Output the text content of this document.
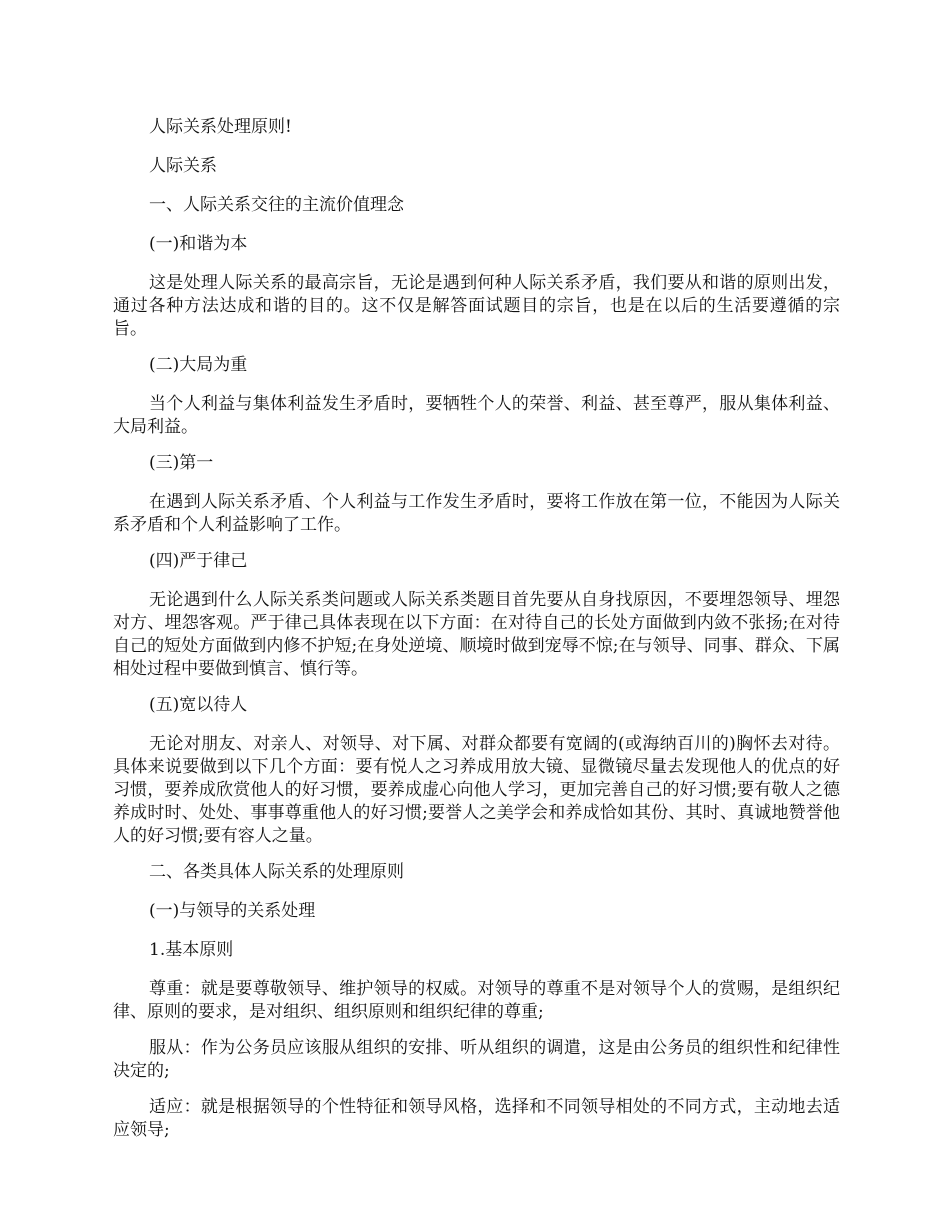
人际关系处理原则!

人际关系

一、人际关系交往的主流价值理念

(一)和谐为本

这是处理人际关系的最高宗旨，无论是遇到何种人际关系矛盾，我们要从和谐的原则出发，通过各种方法达成和谐的目的。这不仅是解答面试题目的宗旨，也是在以后的生活要遵循的宗旨。

(二)大局为重

当个人利益与集体利益发生矛盾时，要牺牲个人的荣誉、利益、甚至尊严，服从集体利益、大局利益。

(三)第一

在遇到人际关系矛盾、个人利益与工作发生矛盾时，要将工作放在第一位，不能因为人际关系矛盾和个人利益影响了工作。

(四)严于律己

无论遇到什么人际关系类问题或人际关系类题目首先要从自身找原因，不要埋怨领导、埋怨对方、埋怨客观。严于律己具体表现在以下方面：在对待自己的长处方面做到内敛不张扬;在对待自己的短处方面做到内修不护短;在身处逆境、顺境时做到宠辱不惊;在与领导、同事、群众、下属相处过程中要做到慎言、慎行等。

(五)宽以待人

无论对朋友、对亲人、对领导、对下属、对群众都要有宽阔的(或海纳百川的)胸怀去对待。具体来说要做到以下几个方面：要有悦人之习养成用放大镜、显微镜尽量去发现他人的优点的好习惯，要养成欣赏他人的好习惯，要养成虚心向他人学习，更加完善自己的好习惯;要有敬人之德养成时时、处处、事事尊重他人的好习惯;要誉人之美学会和养成恰如其份、其时、真诚地赞誉他人的好习惯;要有容人之量。

二、各类具体人际关系的处理原则

(一)与领导的关系处理

1.基本原则

尊重：就是要尊敬领导、维护领导的权威。对领导的尊重不是对领导个人的赏赐，是组织纪律、原则的要求，是对组织、组织原则和组织纪律的尊重;

服从：作为公务员应该服从组织的安排、听从组织的调遣，这是由公务员的组织性和纪律性决定的;

适应：就是根据领导的个性特征和领导风格，选择和不同领导相处的不同方式，主动地去适应领导;
